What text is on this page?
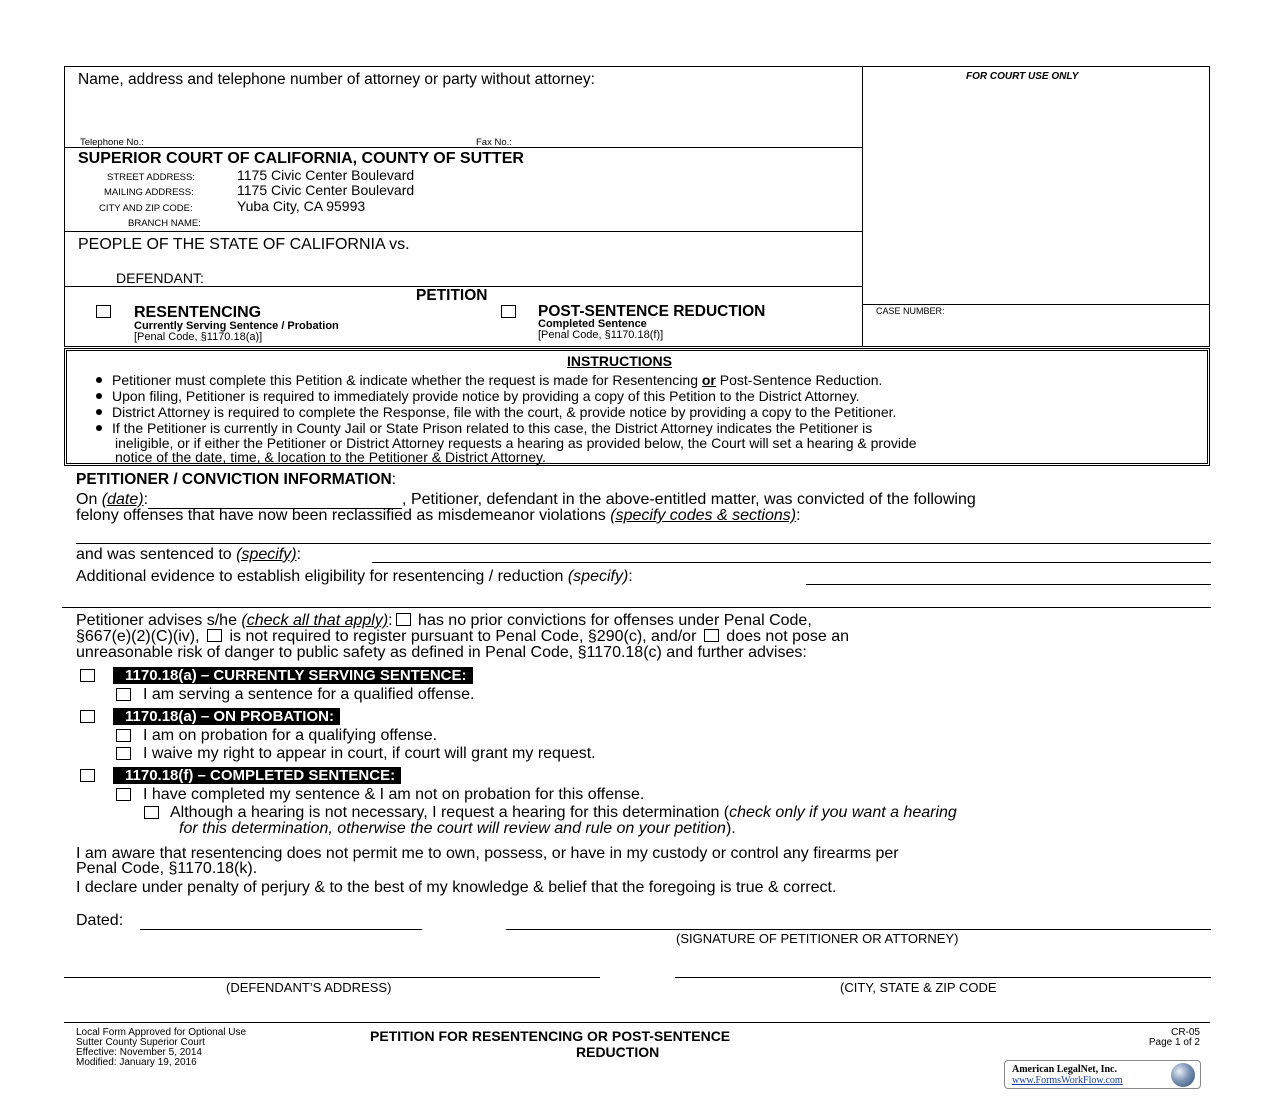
Name, address and telephone number of attorney or party without attorney:
Telephone No.:	Fax No.:
FOR COURT USE ONLY
SUPERIOR COURT OF CALIFORNIA, COUNTY OF SUTTER
STREET ADDRESS:	1175 Civic Center Boulevard
MAILING ADDRESS:	1175 Civic Center Boulevard
CITY AND ZIP CODE:	Yuba City, CA 95993
BRANCH NAME:
PEOPLE OF THE STATE OF CALIFORNIA vs.
DEFENDANT:
PETITION
RESENTENCING
Currently Serving Sentence / Probation
[Penal Code, §1170.18(a)]
POST-SENTENCE REDUCTION
Completed Sentence
[Penal Code, §1170.18(f)]
CASE NUMBER:
INSTRUCTIONS
Petitioner must complete this Petition & indicate whether the request is made for Resentencing or Post-Sentence Reduction.
Upon filing, Petitioner is required to immediately provide notice by providing a copy of this Petition to the District Attorney.
District Attorney is required to complete the Response, file with the court, & provide notice by providing a copy to the Petitioner.
If the Petitioner is currently in County Jail or State Prison related to this case, the District Attorney indicates the Petitioner is
ineligible, or if either the Petitioner or District Attorney requests a hearing as provided below, the Court will set a hearing & provide
notice of the date, time, & location to the Petitioner & District Attorney.
PETITIONER / CONVICTION INFORMATION:
On (date):	, Petitioner, defendant in the above-entitled matter, was convicted of the following
felony offenses that have now been reclassified as misdemeanor violations (specify codes & sections):
and was sentenced to (specify):
Additional evidence to establish eligibility for resentencing / reduction (specify):
Petitioner advises s/he (check all that apply): has no prior convictions for offenses under Penal Code,
§667(e)(2)(C)(iv),  is not required to register pursuant to Penal Code, §290(c), and/or  does not pose an
unreasonable risk of danger to public safety as defined in Penal Code, §1170.18(c) and further advises:
1170.18(a) – CURRENTLY SERVING SENTENCE:
I am serving a sentence for a qualified offense.
1170.18(a) – ON PROBATION:
I am on probation for a qualifying offense.
I waive my right to appear in court, if court will grant my request.
1170.18(f) – COMPLETED SENTENCE:
I have completed my sentence & I am not on probation for this offense.
Although a hearing is not necessary, I request a hearing for this determination (check only if you want a hearing
for this determination, otherwise the court will review and rule on your petition).
I am aware that resentencing does not permit me to own, possess, or have in my custody or control any firearms per
Penal Code, §1170.18(k).
I declare under penalty of perjury & to the best of my knowledge & belief that the foregoing is true & correct.
Dated:
(SIGNATURE OF PETITIONER OR ATTORNEY)
(DEFENDANT’S ADDRESS)	(CITY, STATE & ZIP CODE
Local Form Approved for Optional Use
Sutter County Superior Court
Effective: November 5, 2014
Modified: January 19, 2016
PETITION FOR RESENTENCING OR POST-SENTENCE
REDUCTION
CR-05
Page 1 of 2
American LegalNet, Inc.
www.FormsWorkFlow.com
